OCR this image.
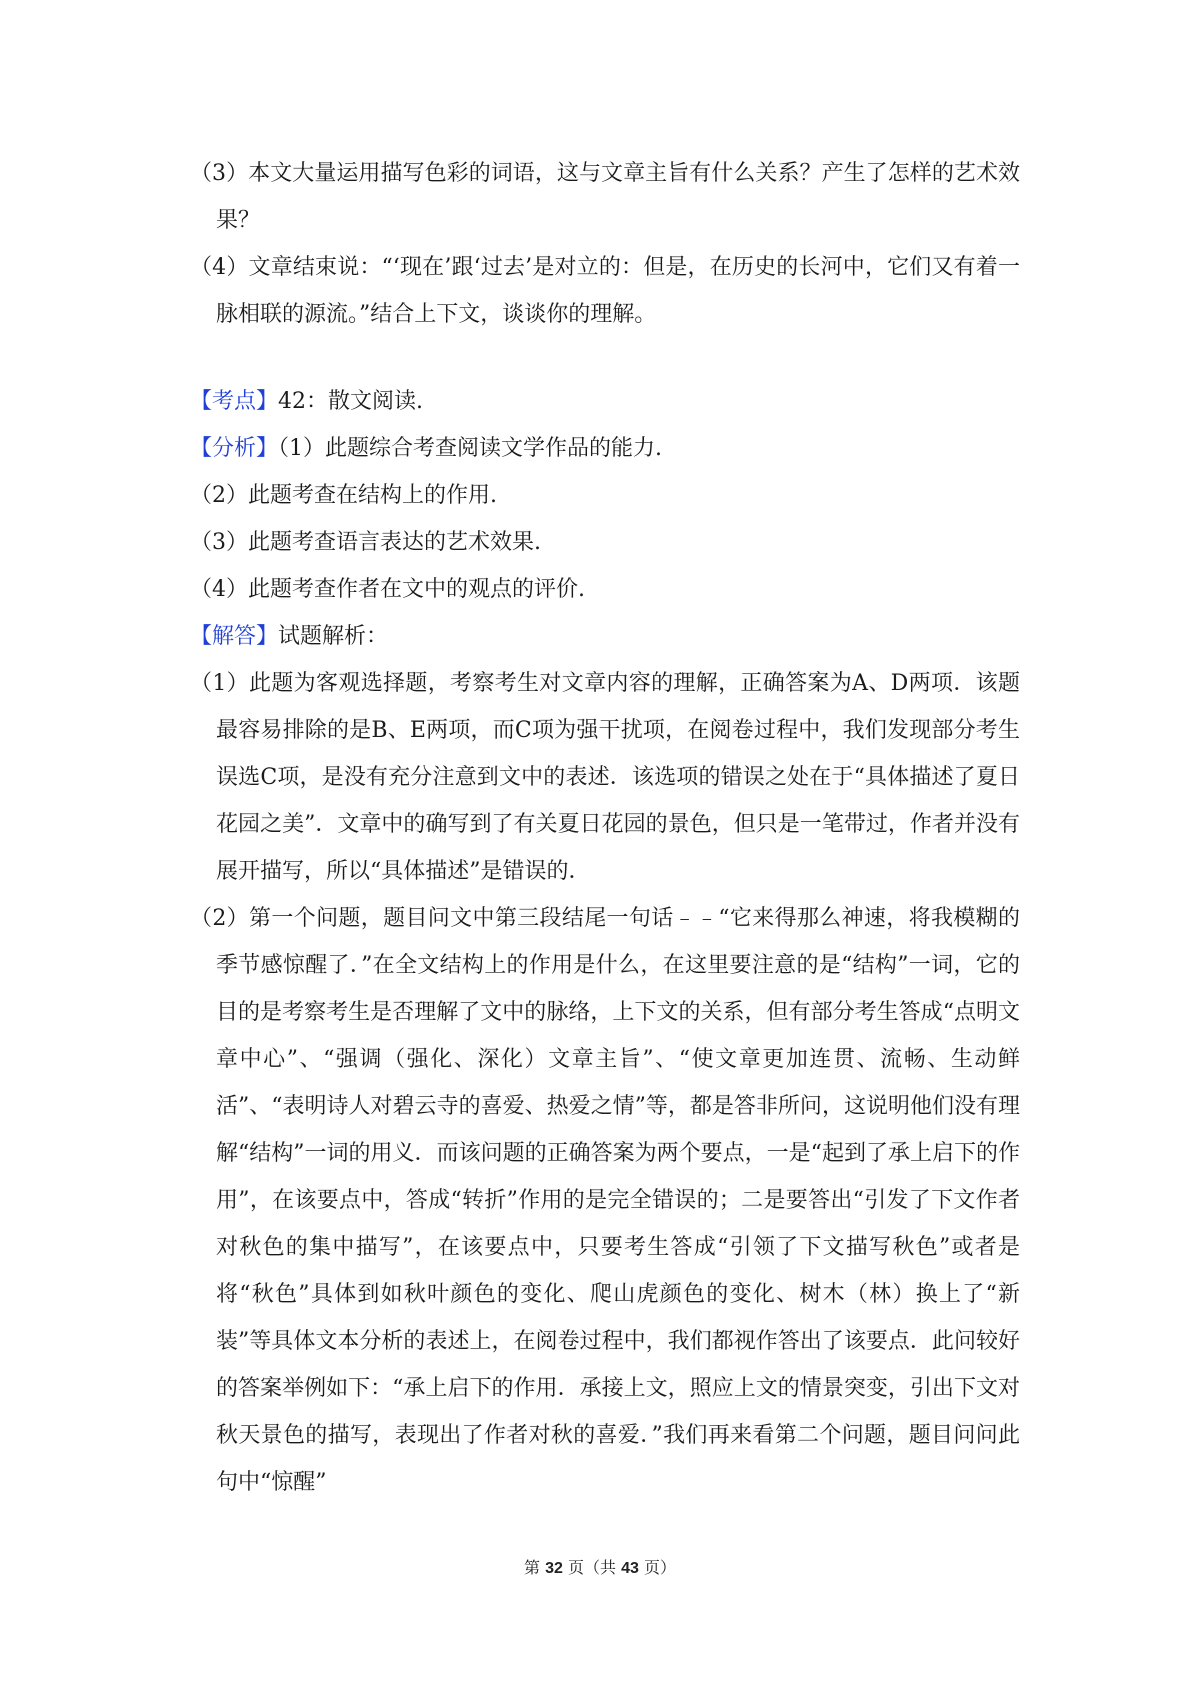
（3）本文大量运用描写色彩的词语，这与文章主旨有什么关系？产生了怎样的艺术效果？

（4）文章结束说：“‘现在’跟‘过去’是对立的：但是，在历史的长河中，它们又有着一脉相联的源流。”结合上下文，谈谈你的理解。

【考点】42：散文阅读.

【分析】（1）此题综合考查阅读文学作品的能力.

（2）此题考查在结构上的作用.

（3）此题考查语言表达的艺术效果.

（4）此题考查作者在文中的观点的评价.

【解答】试题解析：

（1）此题为客观选择题，考察考生对文章内容的理解，正确答案为A、D两项．该题最容易排除的是B、E两项，而C项为强干扰项，在阅卷过程中，我们发现部分考生误选C项，是没有充分注意到文中的表述．该选项的错误之处在于“具体描述了夏日花园之美”．文章中的确写到了有关夏日花园的景色，但只是一笔带过，作者并没有展开描写，所以“具体描述”是错误的．

（2）第一个问题，题目问文中第三段结尾一句话﹣﹣“它来得那么神速，将我模糊的季节感惊醒了．”在全文结构上的作用是什么，在这里要注意的是“结构”一词，它的目的是考察考生是否理解了文中的脉络，上下文的关系，但有部分考生答成“点明文章中心”、“强调（强化、深化）文章主旨”、“使文章更加连贯、流畅、生动鲜活”、“表明诗人对碧云寺的喜爱、热爱之情”等，都是答非所问，这说明他们没有理解“结构”一词的用义．而该问题的正确答案为两个要点，一是“起到了承上启下的作用”，在该要点中，答成“转折”作用的是完全错误的；二是要答出“引发了下文作者对秋色的集中描写”，在该要点中，只要考生答成“引领了下文描写秋色”或者是将“秋色”具体到如秋叶颜色的变化、爬山虎颜色的变化、树木（林）换上了“新装”等具体文本分析的表述上，在阅卷过程中，我们都视作答出了该要点．此问较好的答案举例如下：“承上启下的作用．承接上文，照应上文的情景突变，引出下文对秋天景色的描写，表现出了作者对秋的喜爱．”我们再来看第二个问题，题目问问此句中“惊醒”

第 32 页（共 43 页）
